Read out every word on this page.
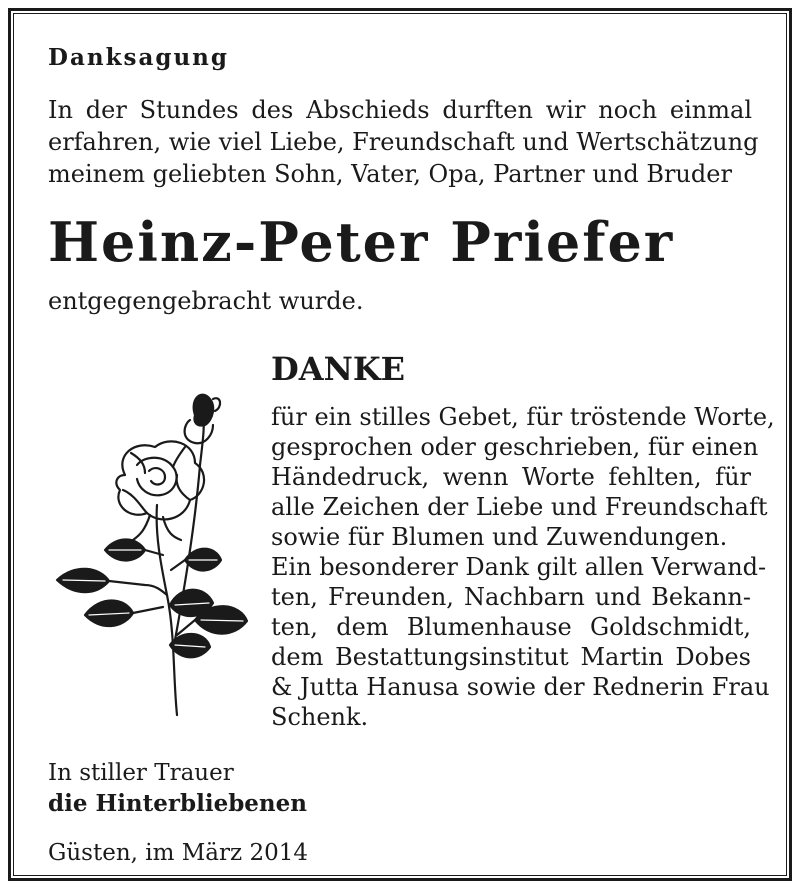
Danksagung
In der Stundes des Abschieds durften wir noch einmal
erfahren, wie viel Liebe, Freundschaft und Wertschätzung
meinem geliebten Sohn, Vater, Opa, Partner und Bruder
Heinz-Peter Priefer
entgegengebracht wurde.
DANKE
für ein stilles Gebet, für tröstende Worte,
gesprochen oder geschrieben, für einen
Händedruck, wenn Worte fehlten, für
alle Zeichen der Liebe und Freundschaft
sowie für Blumen und Zuwendungen.
Ein besonderer Dank gilt allen Verwand-
ten, Freunden, Nachbarn und Bekann-
ten, dem Blumenhause Goldschmidt,
dem Bestattungsinstitut Martin Dobes
& Jutta Hanusa sowie der Rednerin Frau
Schenk.
In stiller Trauer
die Hinterbliebenen
Güsten, im März 2014
